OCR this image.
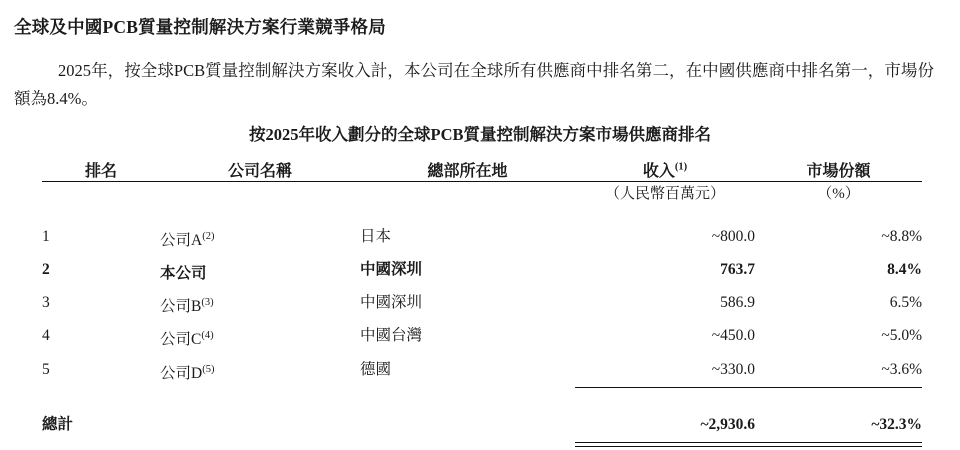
全球及中國PCB質量控制解決方案行業競爭格局
2025年，按全球PCB質量控制解決方案收入計，本公司在全球所有供應商中排名第二，在中國供應商中排名第一，市場份額為8.4%。
按2025年收入劃分的全球PCB質量控制解決方案市場供應商排名
排名	公司名稱	總部所在地	收入$^{(1)}$	市場份額
			（人民幣百萬元）	（%）

1	公司$A^{(2)}$	日本	~800.0	~8.8%
2	本公司	中國深圳	763.7	8.4%
3	公司$B^{(3)}$	中國深圳	586.9	6.5%
4	公司$C^{(4)}$	中國台灣	~450.0	~5.0%
5	公司$D^{(5)}$	德國	~330.0	~3.6%

總計			~2,930.6	~32.3%
